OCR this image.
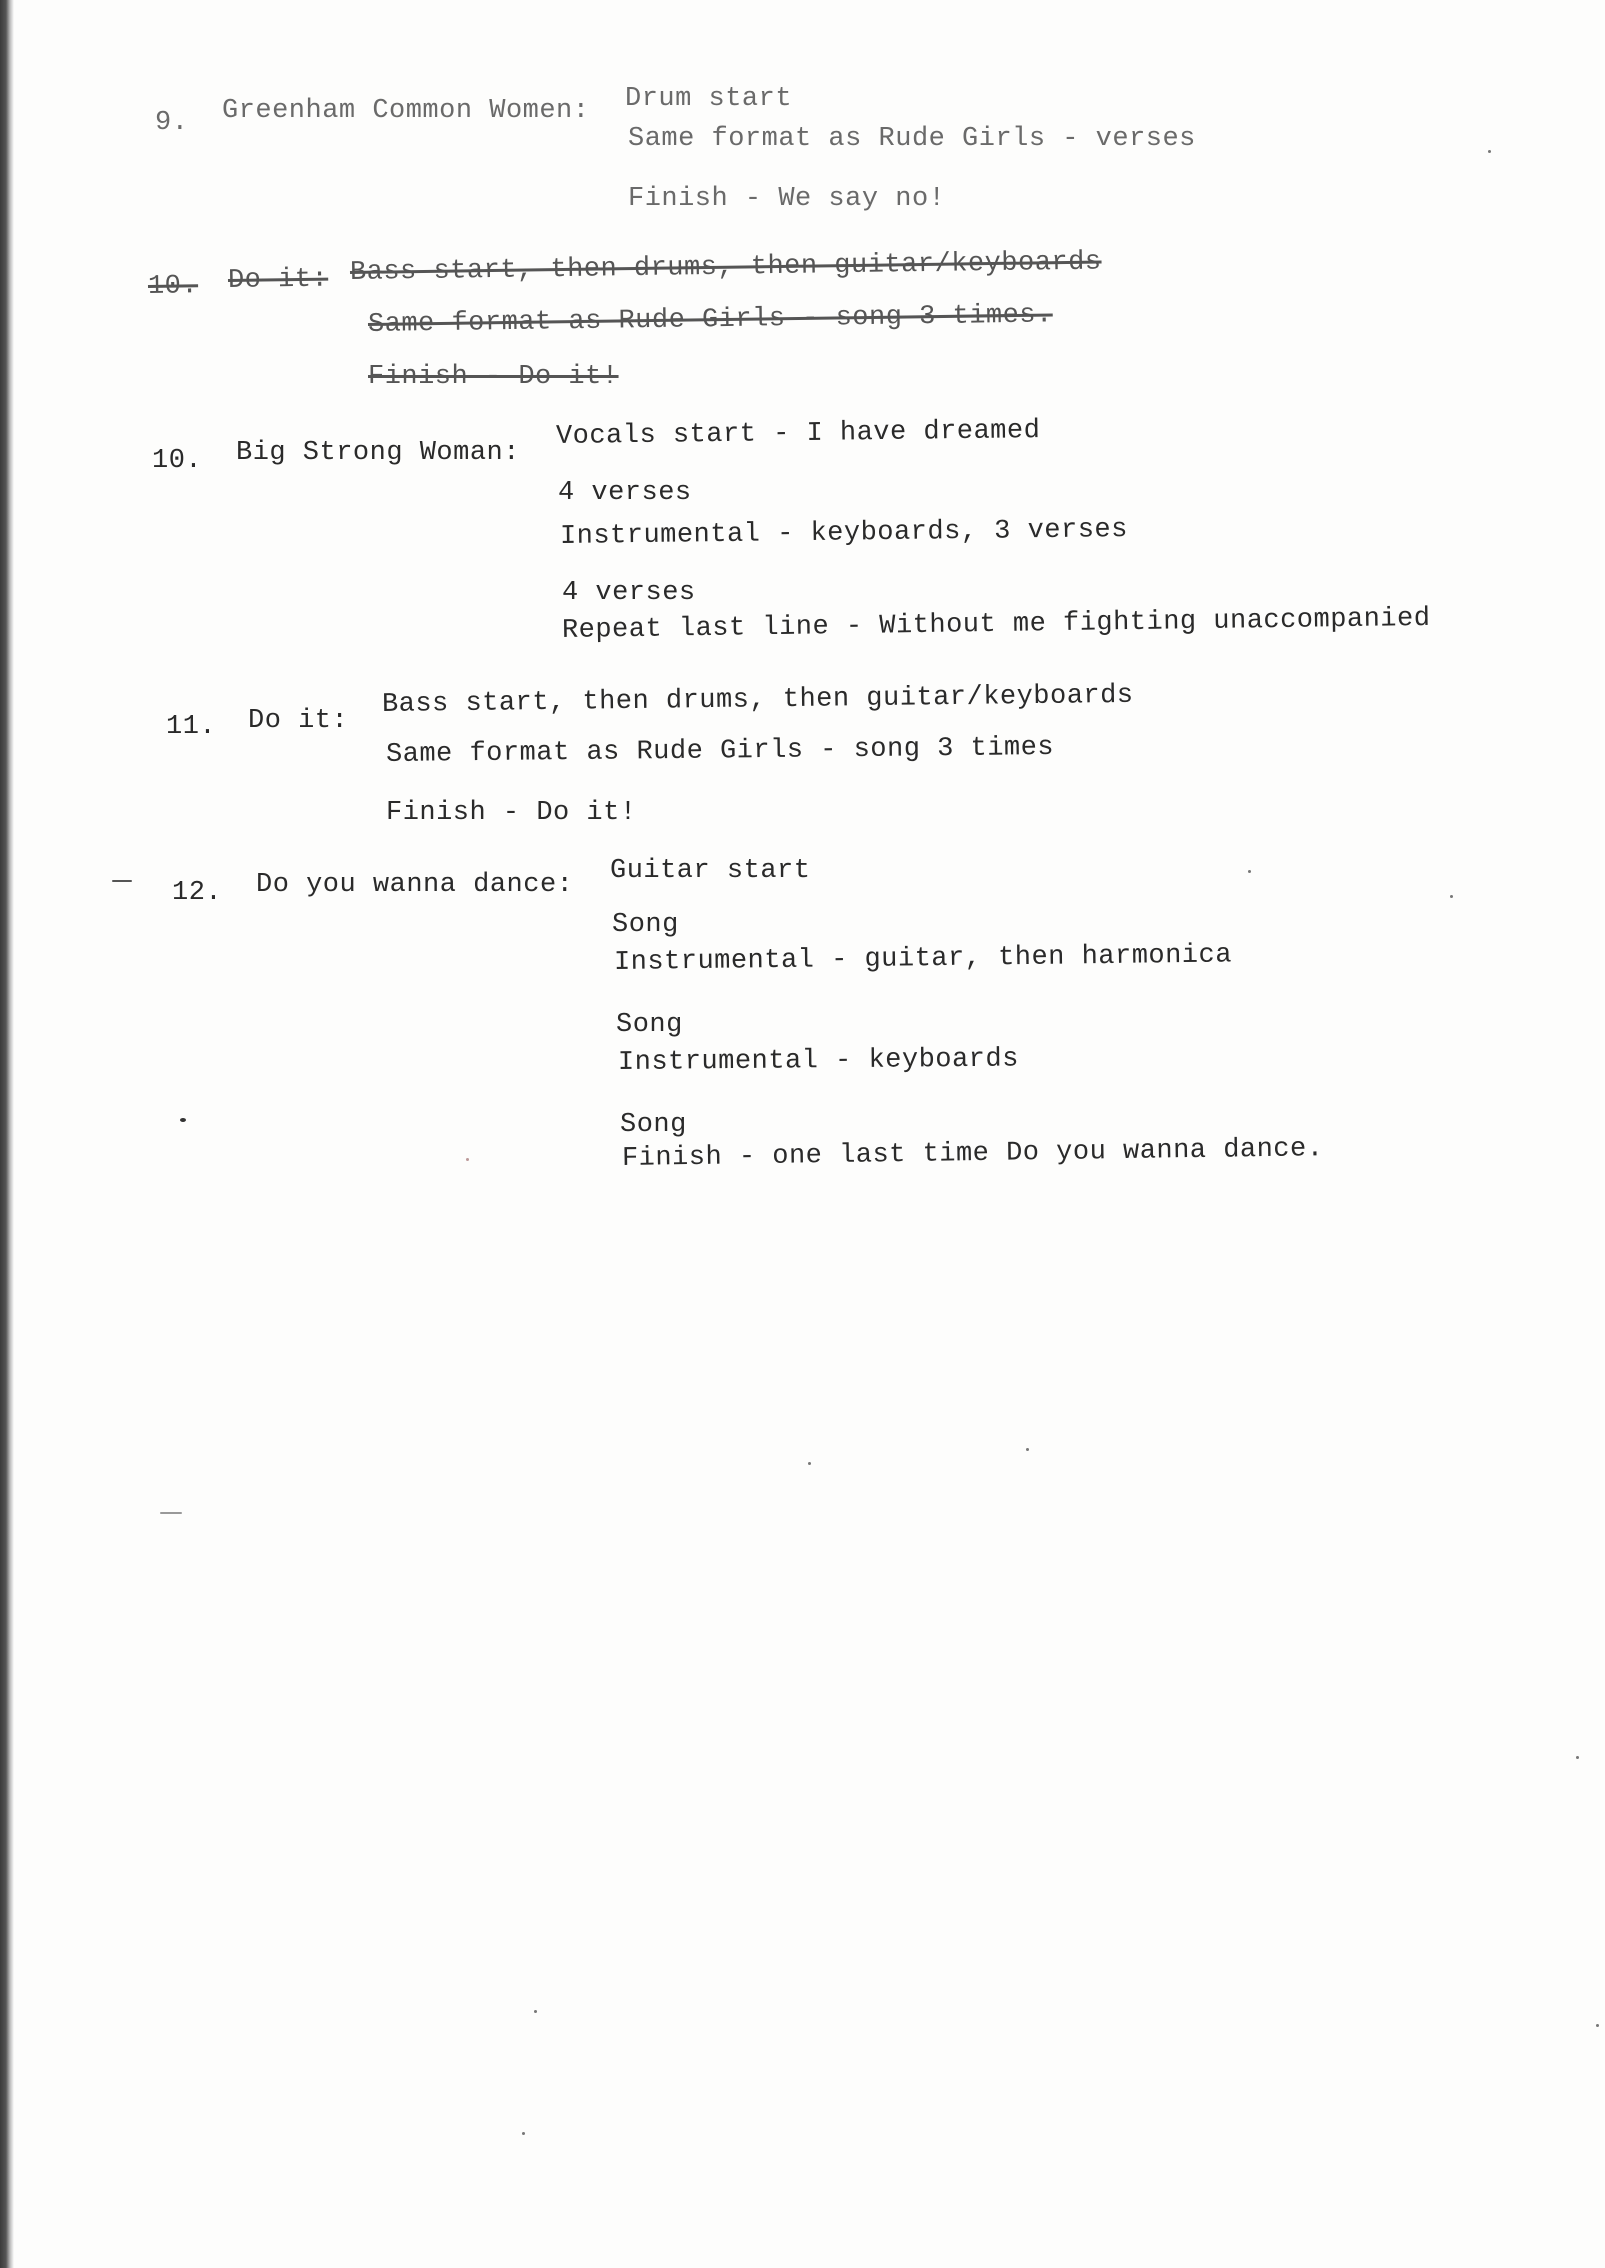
9. Greenham Common Women: Drum start
Same format as Rude Girls - verses
Finish - We say no!
10. Do it: Bass start, then drums, then guitar/keyboards
Same format as Rude Girls - song 3 times.
Finish - Do it!
10. Big Strong Woman:
Vocals start - I have dreamed
4 verses
Instrumental - keyboards, 3 verses
4 verses
Repeat last line - Without me fighting unaccompanied
11. Do it:
Bass start, then drums, then guitar/keyboards
Same format as Rude Girls - song 3 times
Finish - Do it!
12. Do you wanna dance: Guitar start
Song
Instrumental - guitar, then harmonica
Song
Instrumental - keyboards
Song
Finish - one last time Do you wanna dance.
